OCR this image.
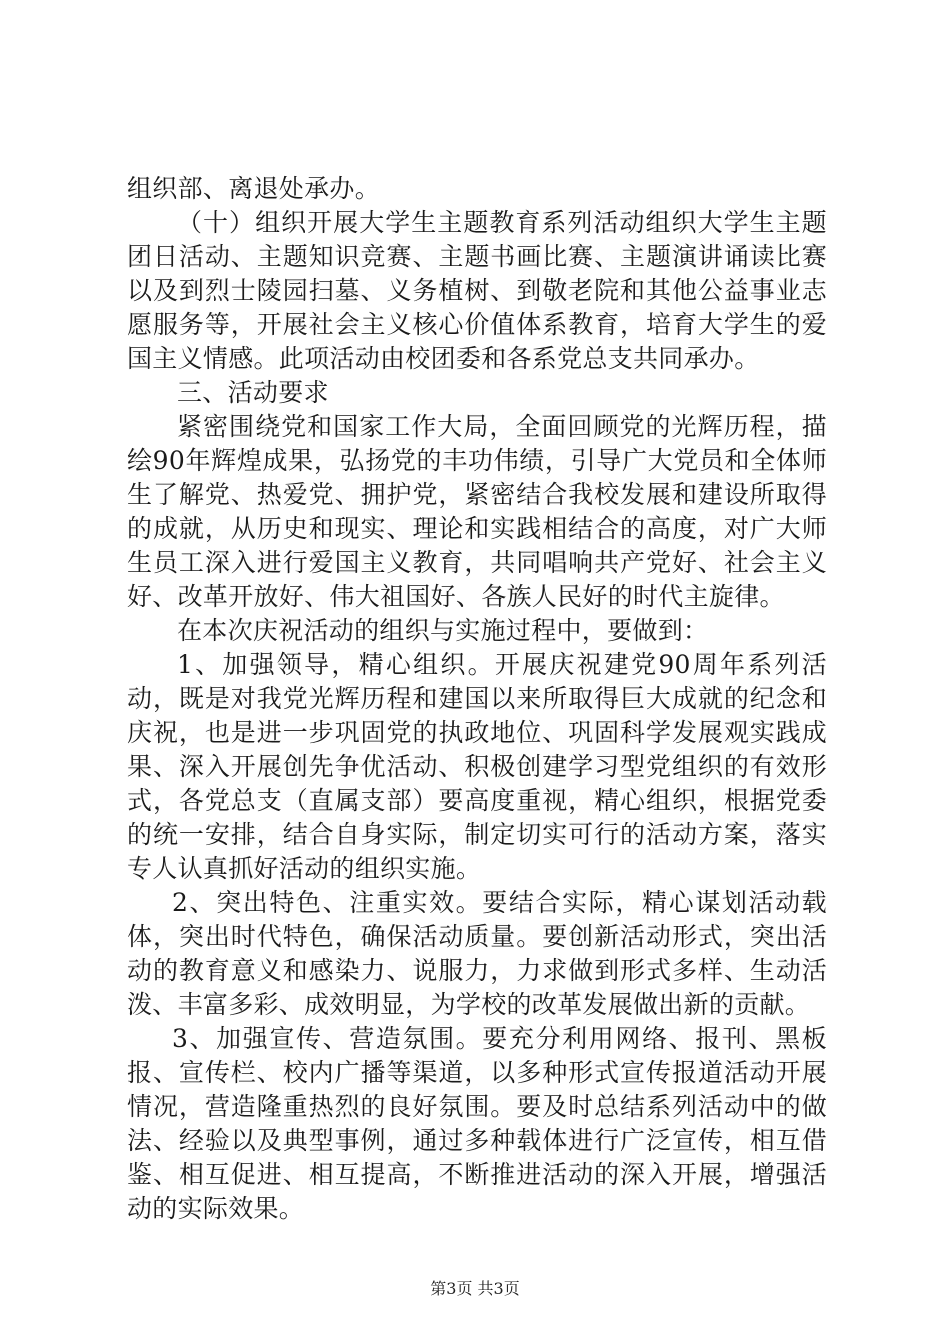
组织部、离退处承办。

（十）组织开展大学生主题教育系列活动组织大学生主题团日活动、主题知识竞赛、主题书画比赛、主题演讲诵读比赛以及到烈士陵园扫墓、义务植树、到敬老院和其他公益事业志愿服务等，开展社会主义核心价值体系教育，培育大学生的爱国主义情感。此项活动由校团委和各系党总支共同承办。

三、活动要求

紧密围绕党和国家工作大局，全面回顾党的光辉历程，描绘90年辉煌成果，弘扬党的丰功伟绩，引导广大党员和全体师生了解党、热爱党、拥护党，紧密结合我校发展和建设所取得的成就，从历史和现实、理论和实践相结合的高度，对广大师生员工深入进行爱国主义教育，共同唱响共产党好、社会主义好、改革开放好、伟大祖国好、各族人民好的时代主旋律。

在本次庆祝活动的组织与实施过程中，要做到：

1、加强领导，精心组织。开展庆祝建党90周年系列活动，既是对我党光辉历程和建国以来所取得巨大成就的纪念和庆祝，也是进一步巩固党的执政地位、巩固科学发展观实践成果、深入开展创先争优活动、积极创建学习型党组织的有效形式，各党总支（直属支部）要高度重视，精心组织，根据党委的统一安排，结合自身实际，制定切实可行的活动方案，落实专人认真抓好活动的组织实施。

2、突出特色、注重实效。要结合实际，精心谋划活动载体，突出时代特色，确保活动质量。要创新活动形式，突出活动的教育意义和感染力、说服力，力求做到形式多样、生动活泼、丰富多彩、成效明显，为学校的改革发展做出新的贡献。

3、加强宣传、营造氛围。要充分利用网络、报刊、黑板报、宣传栏、校内广播等渠道，以多种形式宣传报道活动开展情况，营造隆重热烈的良好氛围。要及时总结系列活动中的做法、经验以及典型事例，通过多种载体进行广泛宣传，相互借鉴、相互促进、相互提高，不断推进活动的深入开展，增强活动的实际效果。

第3页 共3页
